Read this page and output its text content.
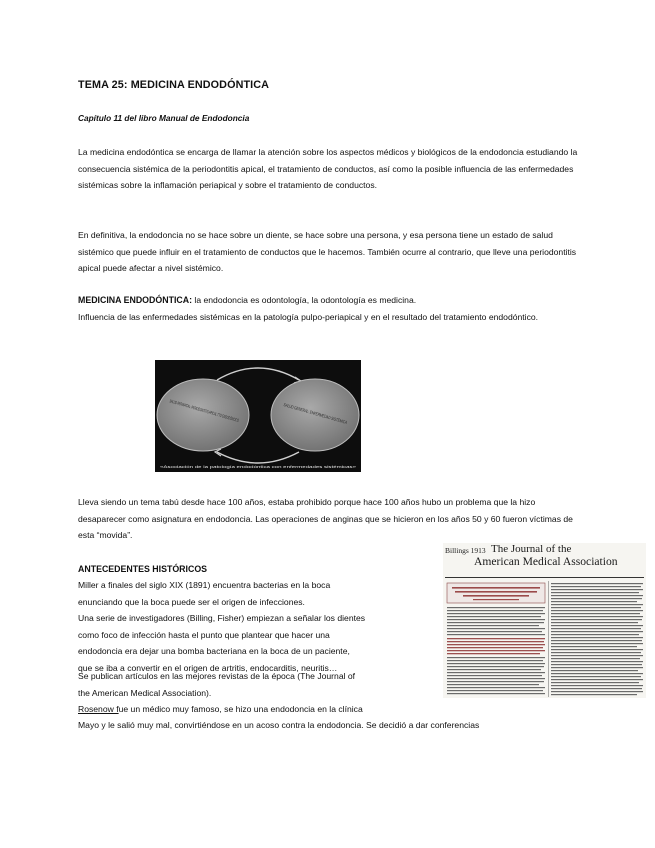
TEMA 25: MEDICINA ENDODÓNTICA
Capítulo 11 del libro Manual de Endodoncia

La medicina endodóntica se encarga de llamar la atención sobre los aspectos médicos y biológicos de la endodoncia estudiando la consecuencia sistémica de la periodontitis apical, el tratamiento de conductos, así como la posible influencia de las enfermedades sistémicas sobre la inflamación periapical y sobre el tratamiento de conductos.

En definitiva, la endodoncia no se hace sobre un diente, se hace sobre una persona, y esa persona tiene un estado de salud sistémico que puede influir en el tratamiento de conductos que le hacemos. También ocurre al contrario, que lleve una periodontitis apical puede afectar a nivel sistémico.

MEDICINA ENDODÓNTICA: la endodoncia es odontología, la odontología es medicina.
Influencia de las enfermedades sistémicas en la patología pulpo-periapical y en el resultado del tratamiento endodóntico.
SALUD PERIAPICAL: PERIODONTITIS APICAL TTO ENDODÓNCICO
SALUD GENERAL: ENFERMEDAD SISTÉMICA
«Asociación de la patología endodóntica con enfermedades sistémicas»

Lleva siendo un tema tabú desde hace 100 años, estaba prohibido porque hace 100 años hubo un problema que la hizo desaparecer como asignatura en endodoncia. Las operaciones de anginas que se hicieron en los años 50 y 60 fueron víctimas de esta “movida”.

ANTECEDENTES HISTÓRICOS
Miller a finales del siglo XIX (1891) encuentra bacterias en la boca
enunciando que la boca puede ser el origen de infecciones.
Una serie de investigadores (Billing, Fisher) empiezan a señalar los dientes
como foco de infección hasta el punto que plantear que hacer una
endodoncia era dejar una bomba bacteriana en la boca de un paciente,
que se iba a convertir en el origen de artritis, endocarditis, neuritis…
Se publican artículos en las mejores revistas de la época (The Journal of
the American Medical Association).
Rosenow fue un médico muy famoso, se hizo una endodoncia en la clínica
Mayo y le salió muy mal, convirtiéndose en un acoso contra la endodoncia. Se decidió a dar conferencias
Billings 1913 The Journal of the
American Medical Association
